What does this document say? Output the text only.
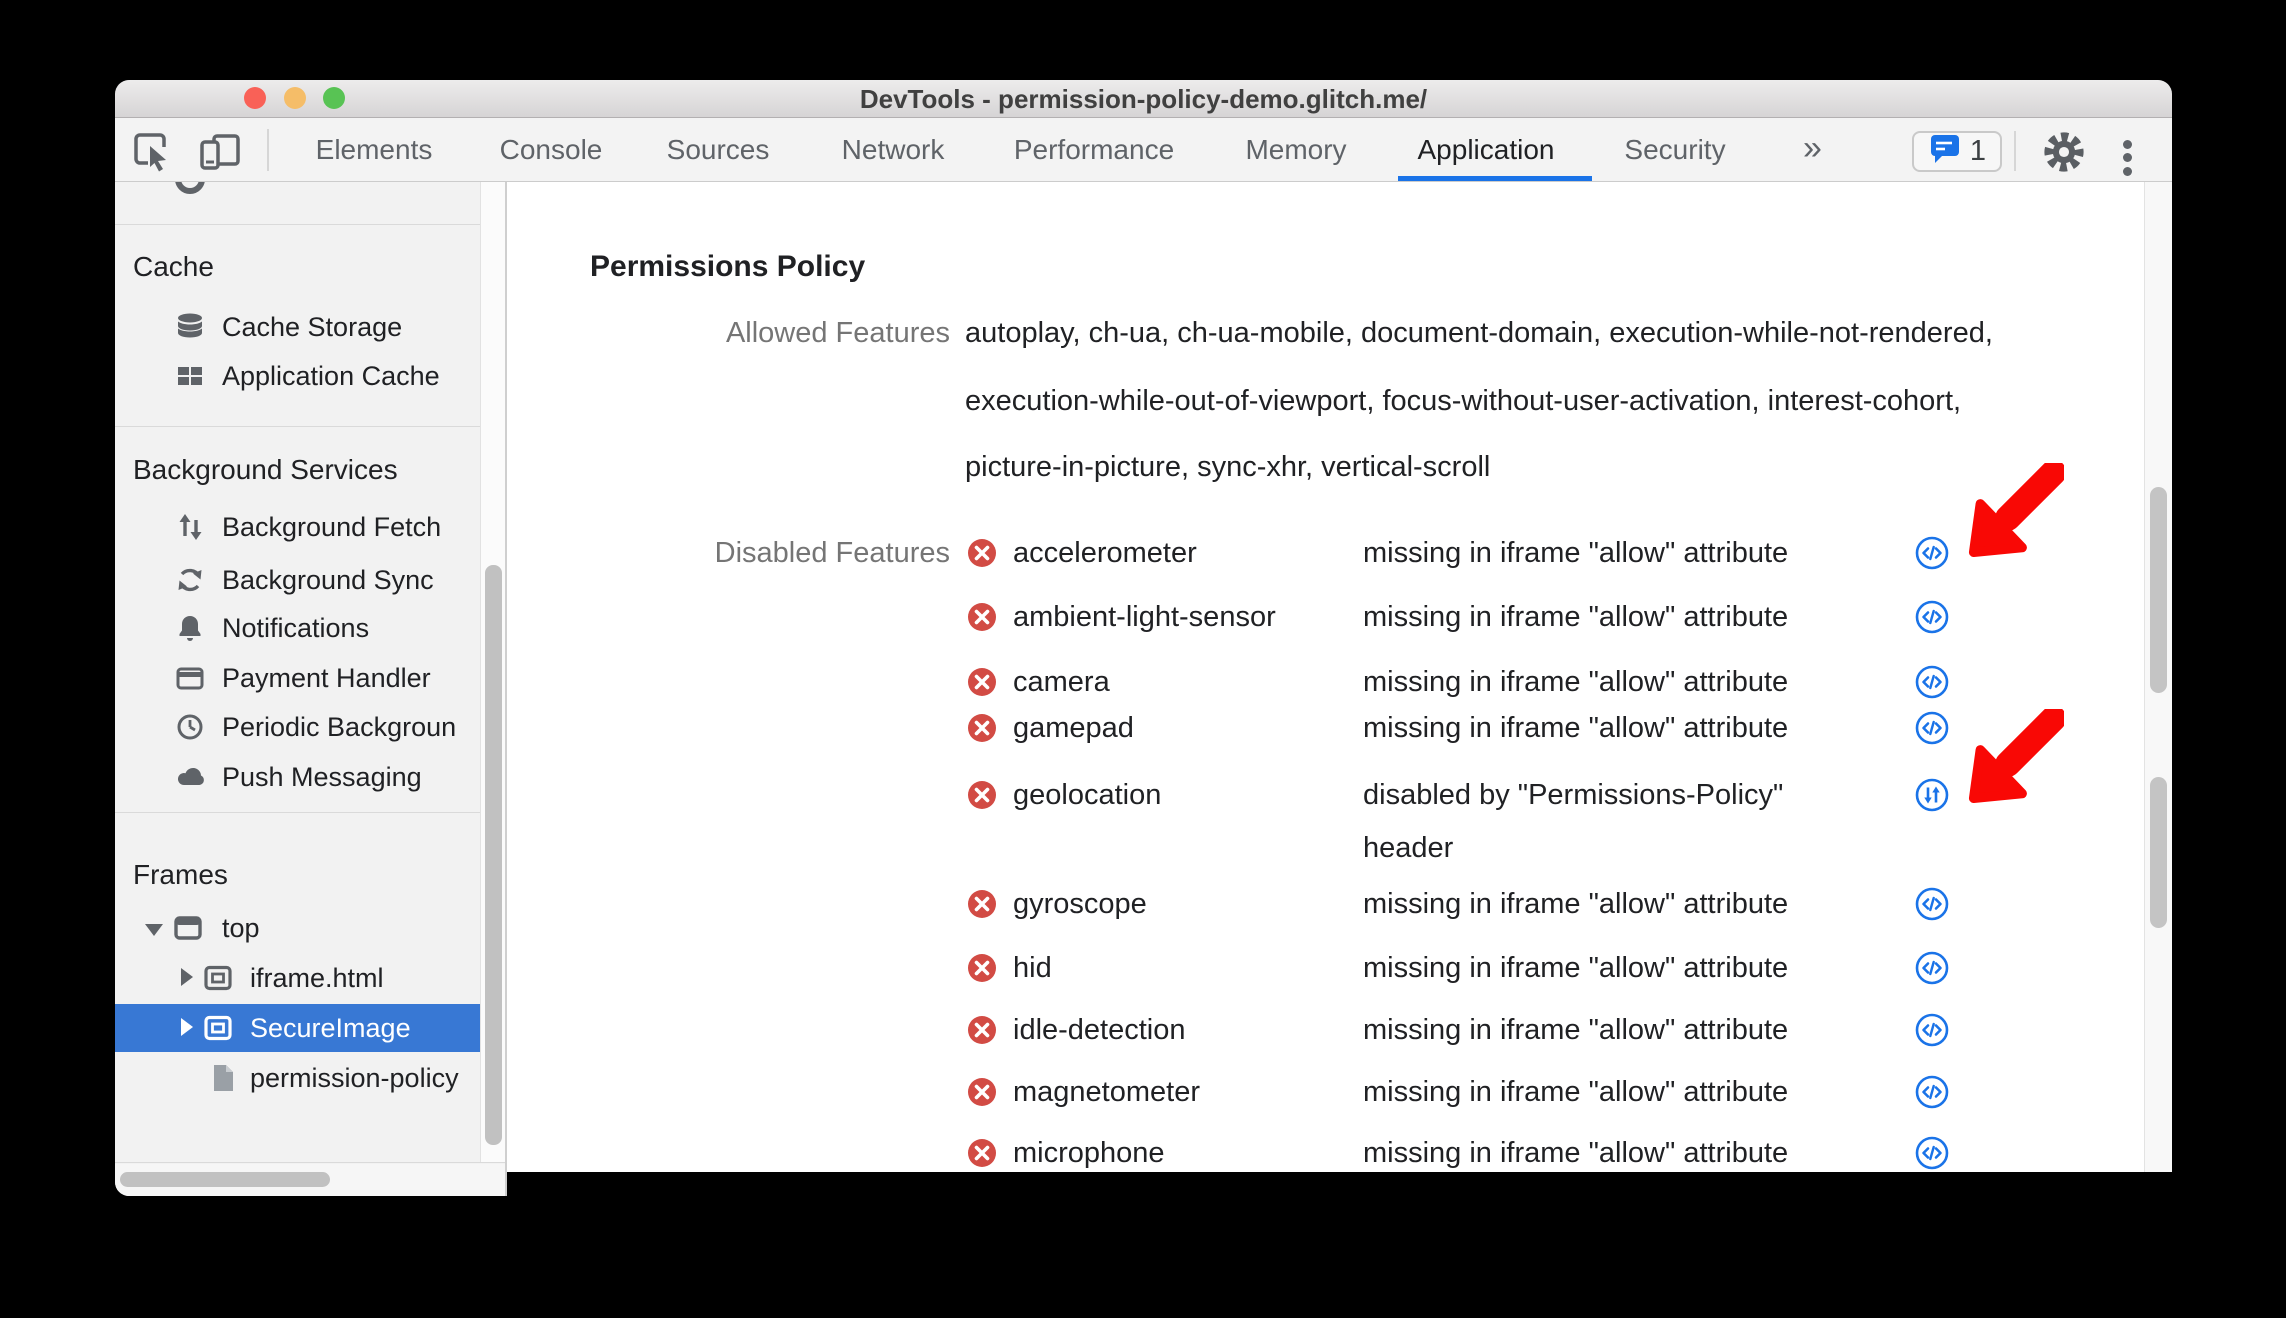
DevTools - permission-policy-demo.glitch.me/
Elements Console Sources	Network Performance	Memory	Application Security »	1
Cache
Cache Storage
Application Cache
Background Services
Background Fetch
Background Sync
Notifications
Payment Handler
Periodic Backgroun
Push Messaging
Frames
top
iframe.html
SecureImage
permission-policy
Permissions Policy
Allowed Features autoplay, ch-ua, ch-ua-mobile, document-domain, execution-while-not-rendered,
execution-while-out-of-viewport, focus-without-user-activation, interest-cohort,
picture-in-picture, sync-xhr, vertical-scroll
Disabled Features accelerometer	missing in iframe "allow" attribute
ambient-light-sensor	missing in iframe "allow" attribute
camera	missing in iframe "allow" attribute
gamepad	missing in iframe "allow" attribute
geolocation	disabled by "Permissions-Policy"
header
gyroscope	missing in iframe "allow" attribute
hid	missing in iframe "allow" attribute
idle-detection	missing in iframe "allow" attribute
magnetometer	missing in iframe "allow" attribute
microphone	missing in iframe "allow" attribute
